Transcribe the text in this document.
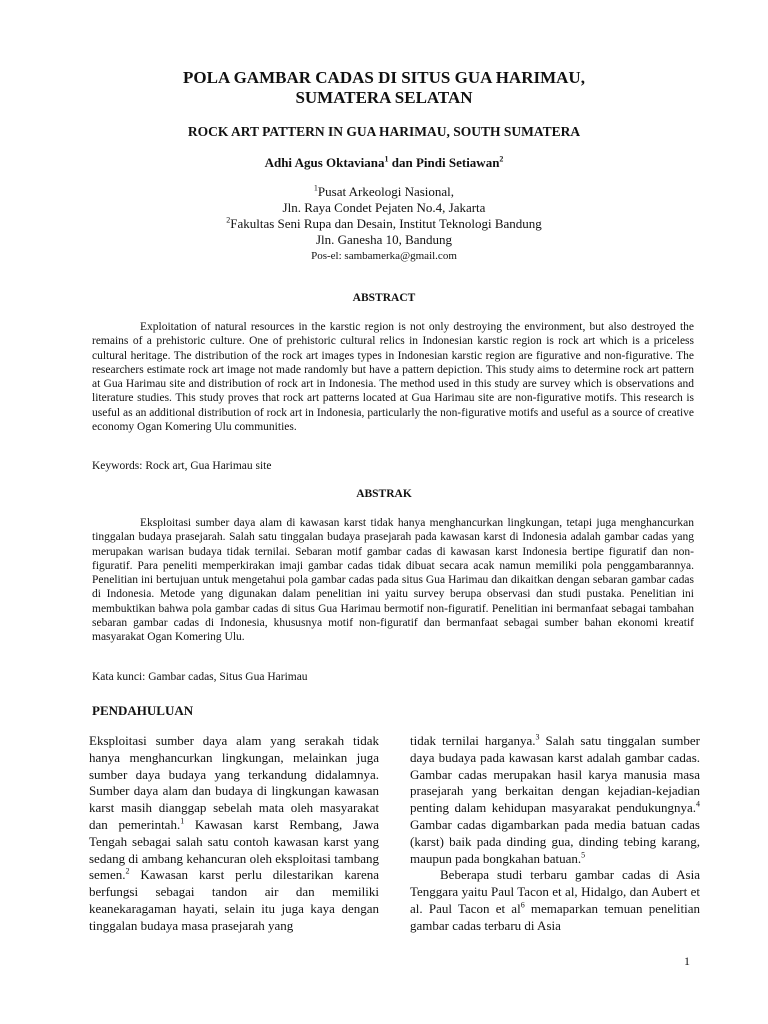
POLA GAMBAR CADAS DI SITUS GUA HARIMAU,
SUMATERA SELATAN
ROCK ART PATTERN IN GUA HARIMAU, SOUTH SUMATERA
Adhi Agus Oktaviana$^1$ dan Pindi Setiawan$^2$
$^1$Pusat Arkeologi Nasional,
Jln. Raya Condet Pejaten No.4, Jakarta
$^2$Fakultas Seni Rupa dan Desain, Institut Teknologi Bandung
Jln. Ganesha 10, Bandung
Pos-el: sambamerka@gmail.com
ABSTRACT
Exploitation of natural resources in the karstic region is not only destroying the environment, but also destroyed the remains of a prehistoric culture. One of prehistoric cultural relics in Indonesian karstic region is rock art which is a priceless cultural heritage. The distribution of the rock art images types in Indonesian karstic region are figurative and non-figurative. The researchers estimate rock art image not made randomly but have a pattern depiction. This study aims to determine rock art pattern at Gua Harimau site and distribution of rock art in Indonesia. The method used in this study are survey which is observations and literature studies. This study proves that rock art patterns located at Gua Harimau site are non-figurative motifs. This research is useful as an additional distribution of rock art in Indonesia, particularly the non-figurative motifs and useful as a source of creative economy Ogan Komering Ulu communities.
Keywords: Rock art, Gua Harimau site
ABSTRAK
Eksploitasi sumber daya alam di kawasan karst tidak hanya menghancurkan lingkungan, tetapi juga menghancurkan tinggalan budaya prasejarah. Salah satu tinggalan budaya prasejarah pada kawasan karst di Indonesia adalah gambar cadas yang merupakan warisan budaya tidak ternilai. Sebaran motif gambar cadas di kawasan karst Indonesia bertipe figuratif dan non-figuratif. Para peneliti memperkirakan imaji gambar cadas tidak dibuat secara acak namun memiliki pola penggambarannya. Penelitian ini bertujuan untuk mengetahui pola gambar cadas pada situs Gua Harimau dan dikaitkan dengan sebaran gambar cadas di Indonesia. Metode yang digunakan dalam penelitian ini yaitu survey berupa observasi dan studi pustaka. Penelitian ini membuktikan bahwa pola gambar cadas di situs Gua Harimau bermotif non-figuratif. Penelitian ini bermanfaat sebagai tambahan sebaran gambar cadas di Indonesia, khususnya motif non-figuratif dan bermanfaat sebagai sumber bahan ekonomi kreatif masyarakat Ogan Komering Ulu.
Kata kunci: Gambar cadas, Situs Gua Harimau
PENDAHULUAN
Eksploitasi sumber daya alam yang serakah tidak hanya menghancurkan lingkungan, melainkan juga sumber daya budaya yang terkandung didalamnya. Sumber daya alam dan budaya di lingkungan kawasan karst masih dianggap sebelah mata oleh masyarakat dan pemerintah.$^1$ Kawasan karst Rembang, Jawa Tengah sebagai salah satu contoh kawasan karst yang sedang di ambang kehancuran oleh eksploitasi tambang semen.$^2$ Kawasan karst perlu dilestarikan karena berfungsi sebagai tandon air dan memiliki keanekaragaman hayati, selain itu juga kaya dengan tinggalan budaya masa prasejarah yang
tidak ternilai harganya.$^3$ Salah satu tinggalan sumber daya budaya pada kawasan karst adalah gambar cadas. Gambar cadas merupakan hasil karya manusia masa prasejarah yang berkaitan dengan kejadian-kejadian penting dalam kehidupan masyarakat pendukungnya.$^4$ Gambar cadas digambarkan pada media batuan cadas (karst) baik pada dinding gua, dinding tebing karang, maupun pada bongkahan batuan.$^5$
Beberapa studi terbaru gambar cadas di Asia Tenggara yaitu Paul Tacon et al, Hidalgo, dan Aubert et al. Paul Tacon et $al^6$ memaparkan temuan penelitian gambar cadas terbaru di Asia
1
